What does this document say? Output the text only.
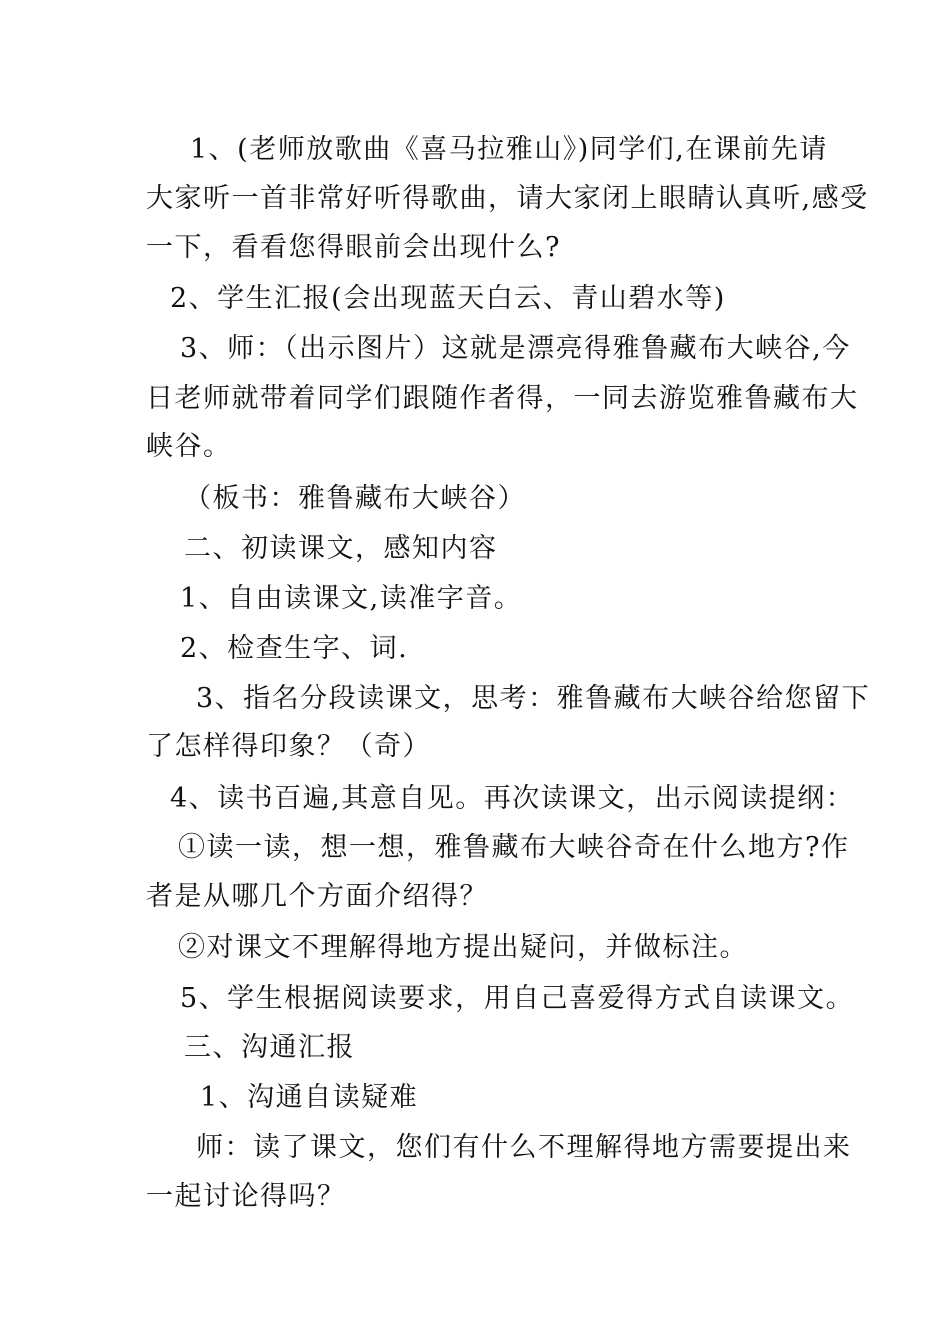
1、(老师放歌曲《喜马拉雅山》)同学们,在课前先请
大家听一首非常好听得歌曲，请大家闭上眼睛认真听,感受
一下，看看您得眼前会出现什么?
2、学生汇报(会出现蓝天白云、青山碧水等)
3、师：（出示图片）这就是漂亮得雅鲁藏布大峡谷,今
日老师就带着同学们跟随作者得，一同去游览雅鲁藏布大
峡谷。
（板书：雅鲁藏布大峡谷）
二、初读课文，感知内容
1、自由读课文,读准字音。
2、检查生字、词.
3、指名分段读课文，思考：雅鲁藏布大峡谷给您留下
了怎样得印象？（奇）
4、读书百遍,其意自见。再次读课文，出示阅读提纲：
①读一读，想一想，雅鲁藏布大峡谷奇在什么地方?作
者是从哪几个方面介绍得？
②对课文不理解得地方提出疑问，并做标注。
5、学生根据阅读要求，用自己喜爱得方式自读课文。
三、沟通汇报
1、沟通自读疑难
师：读了课文，您们有什么不理解得地方需要提出来
一起讨论得吗？
